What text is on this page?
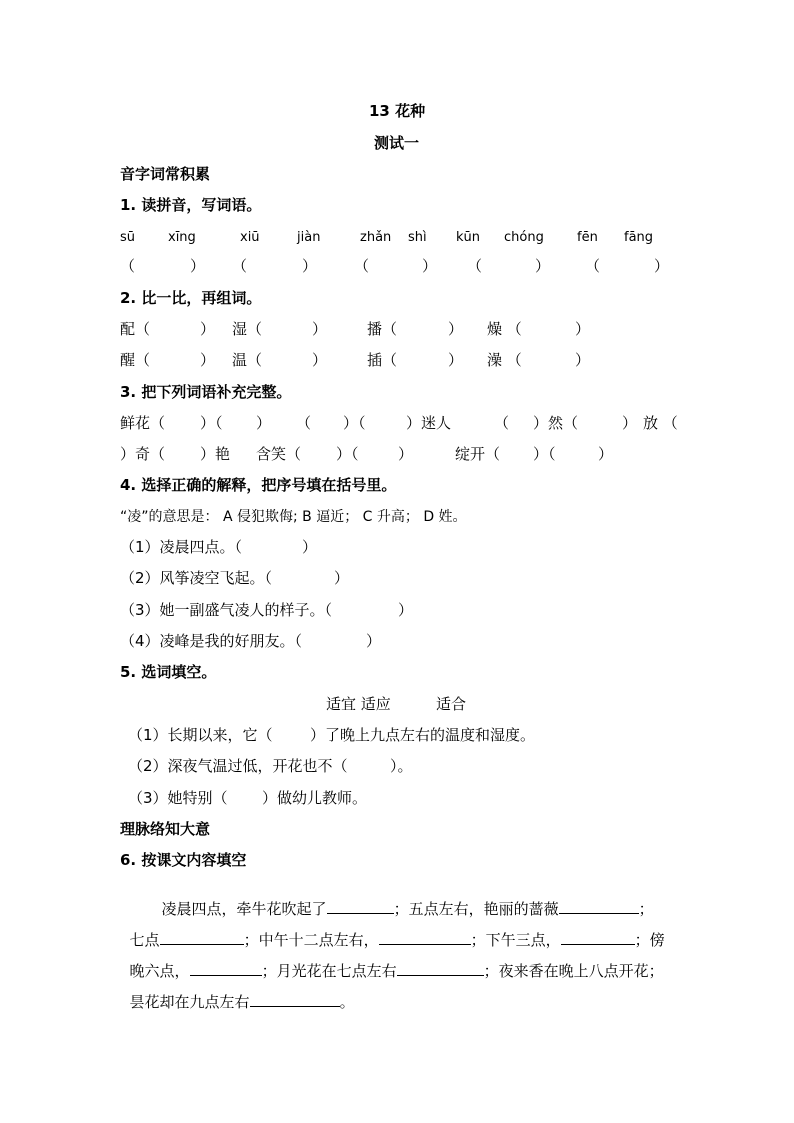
13 花种
测试一
音字词常积累
1. 读拼音，写词语。
sū	xīng	xiū	jiàn	zhǎn shì kūn chóng	fēn fāng
（	） （	） （	） （	） （	）
2. 比一比，再组词。
配（	） 湿（	）	播（	） 燥 （	）
醒（	） 温（	）	插（	） 澡 （	）
3. 把下列词语补充完整。
鲜花（ ）（ ） （ ）（	）迷人	（ ）然（	） 放 （
）奇（ ）艳 含笑（ ）（	）	绽开（ ）（	）
4. 选择正确的解释，把序号填在括号里。
“凌”的意思是： A 侵犯欺侮; B 逼近； C 升高； D 姓。
（1）凌晨四点。（	）
（2）风筝凌空飞起。（	）
（3）她一副盛气凌人的样子。（	）
（4）凌峰是我的好朋友。（	）
5. 选词填空。
适宜 适应	适合
（1）长期以来，它（ ）了晚上九点左右的温度和湿度。
（2）深夜气温过低，开花也不（	）。
（3）她特别（ ）做幼儿教师。
理脉络知大意
6. 按课文内容填空

凌晨四点，牵牛花吹起了	；五点左右，艳丽的蔷薇	；

七点	；中午十二点左右，	；下午三点，	；傍

晚六点，	；月光花在七点左右	；夜来香在晚上八点开花；

昙花却在九点左右	。
